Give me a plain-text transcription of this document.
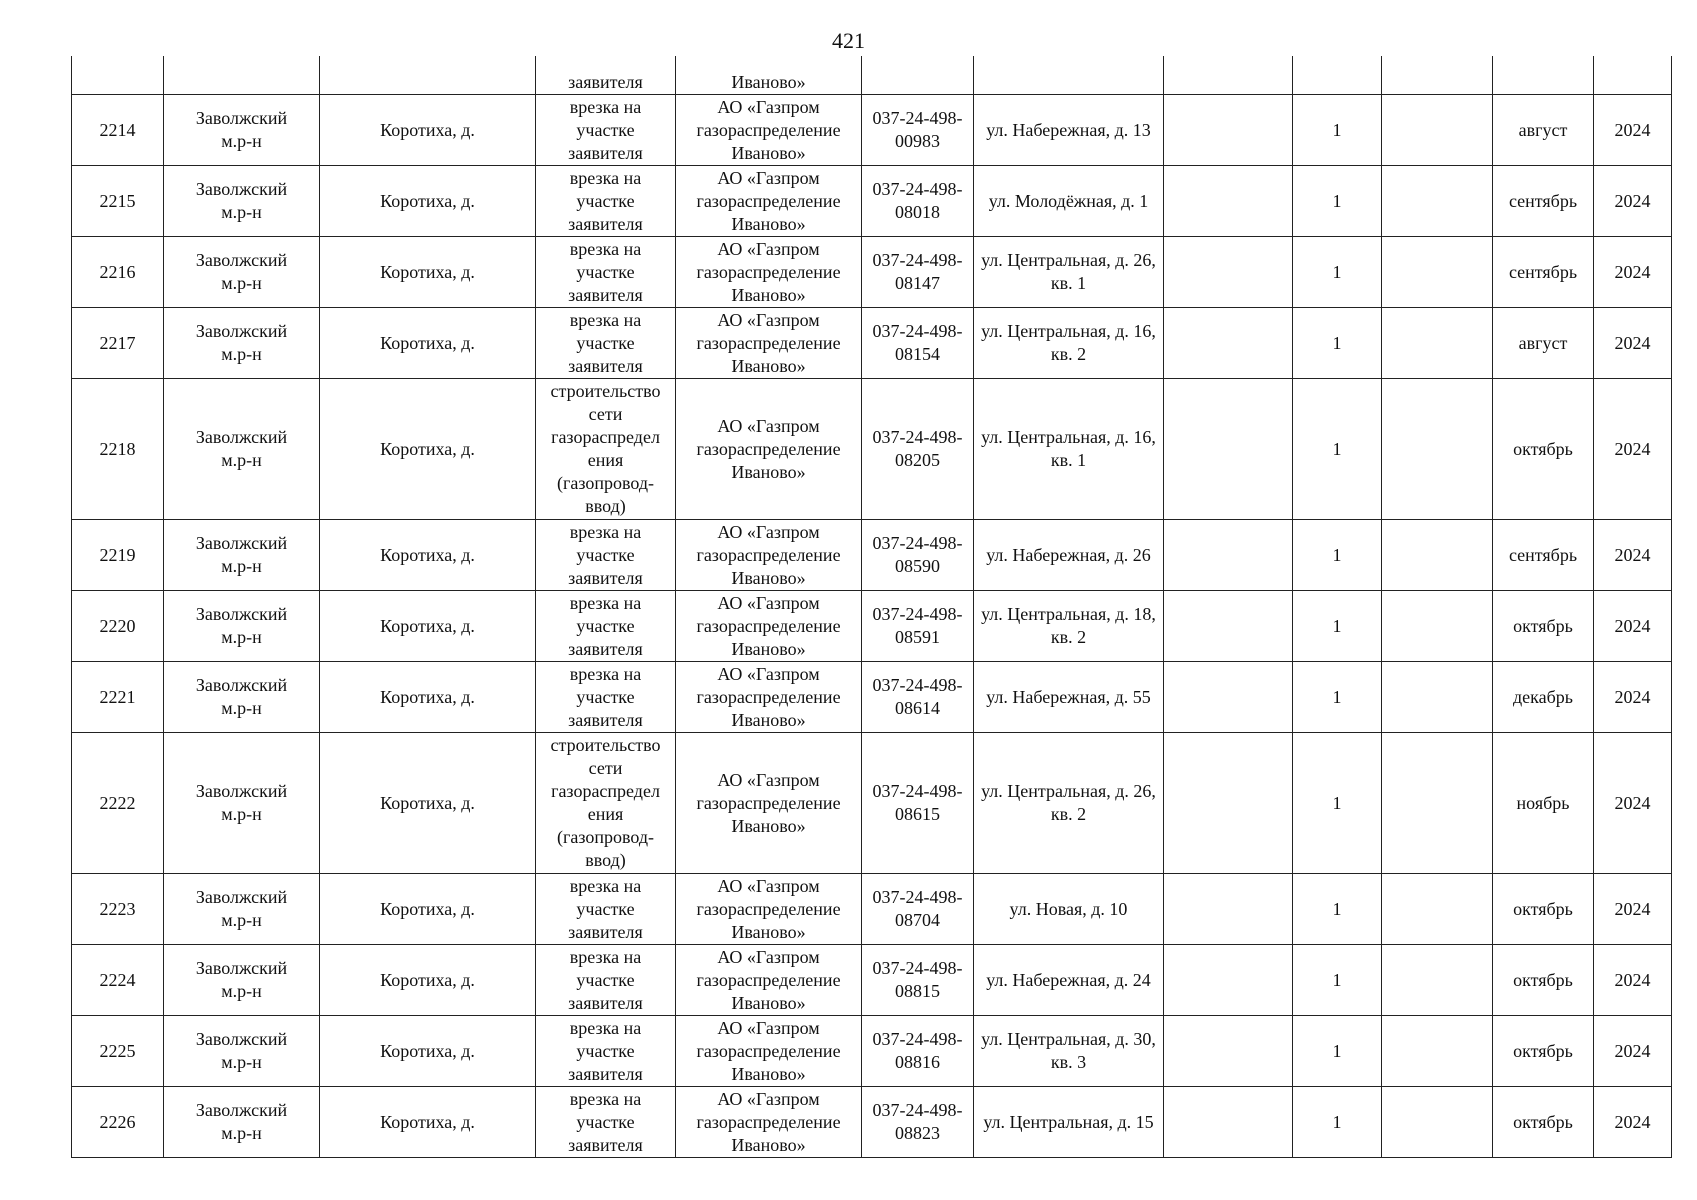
421
			заявителя	Иваново»							
2214	Заволжский м.р-н	Коротиха, д.	врезка на участке заявителя	АО «Газпром газораспределение Иваново»	037-24-498-00983	ул. Набережная, д. 13		1		август	2024
2215	Заволжский м.р-н	Коротиха, д.	врезка на участке заявителя	АО «Газпром газораспределение Иваново»	037-24-498-08018	ул. Молодёжная, д. 1		1		сентябрь	2024
2216	Заволжский м.р-н	Коротиха, д.	врезка на участке заявителя	АО «Газпром газораспределение Иваново»	037-24-498-08147	ул. Центральная, д. 26, кв. 1		1		сентябрь	2024
2217	Заволжский м.р-н	Коротиха, д.	врезка на участке заявителя	АО «Газпром газораспределение Иваново»	037-24-498-08154	ул. Центральная, д. 16, кв. 2		1		август	2024
2218	Заволжский м.р-н	Коротиха, д.	строительство сети газораспределения (газопровод-ввод)	АО «Газпром газораспределение Иваново»	037-24-498-08205	ул. Центральная, д. 16, кв. 1		1		октябрь	2024
2219	Заволжский м.р-н	Коротиха, д.	врезка на участке заявителя	АО «Газпром газораспределение Иваново»	037-24-498-08590	ул. Набережная, д. 26		1		сентябрь	2024
2220	Заволжский м.р-н	Коротиха, д.	врезка на участке заявителя	АО «Газпром газораспределение Иваново»	037-24-498-08591	ул. Центральная, д. 18, кв. 2		1		октябрь	2024
2221	Заволжский м.р-н	Коротиха, д.	врезка на участке заявителя	АО «Газпром газораспределение Иваново»	037-24-498-08614	ул. Набережная, д. 55		1		декабрь	2024
2222	Заволжский м.р-н	Коротиха, д.	строительство сети газораспределения (газопровод-ввод)	АО «Газпром газораспределение Иваново»	037-24-498-08615	ул. Центральная, д. 26, кв. 2		1		ноябрь	2024
2223	Заволжский м.р-н	Коротиха, д.	врезка на участке заявителя	АО «Газпром газораспределение Иваново»	037-24-498-08704	ул. Новая, д. 10		1		октябрь	2024
2224	Заволжский м.р-н	Коротиха, д.	врезка на участке заявителя	АО «Газпром газораспределение Иваново»	037-24-498-08815	ул. Набережная, д. 24		1		октябрь	2024
2225	Заволжский м.р-н	Коротиха, д.	врезка на участке заявителя	АО «Газпром газораспределение Иваново»	037-24-498-08816	ул. Центральная, д. 30, кв. 3		1		октябрь	2024
2226	Заволжский м.р-н	Коротиха, д.	врезка на участке заявителя	АО «Газпром газораспределение Иваново»	037-24-498-08823	ул. Центральная, д. 15		1		октябрь	2024
